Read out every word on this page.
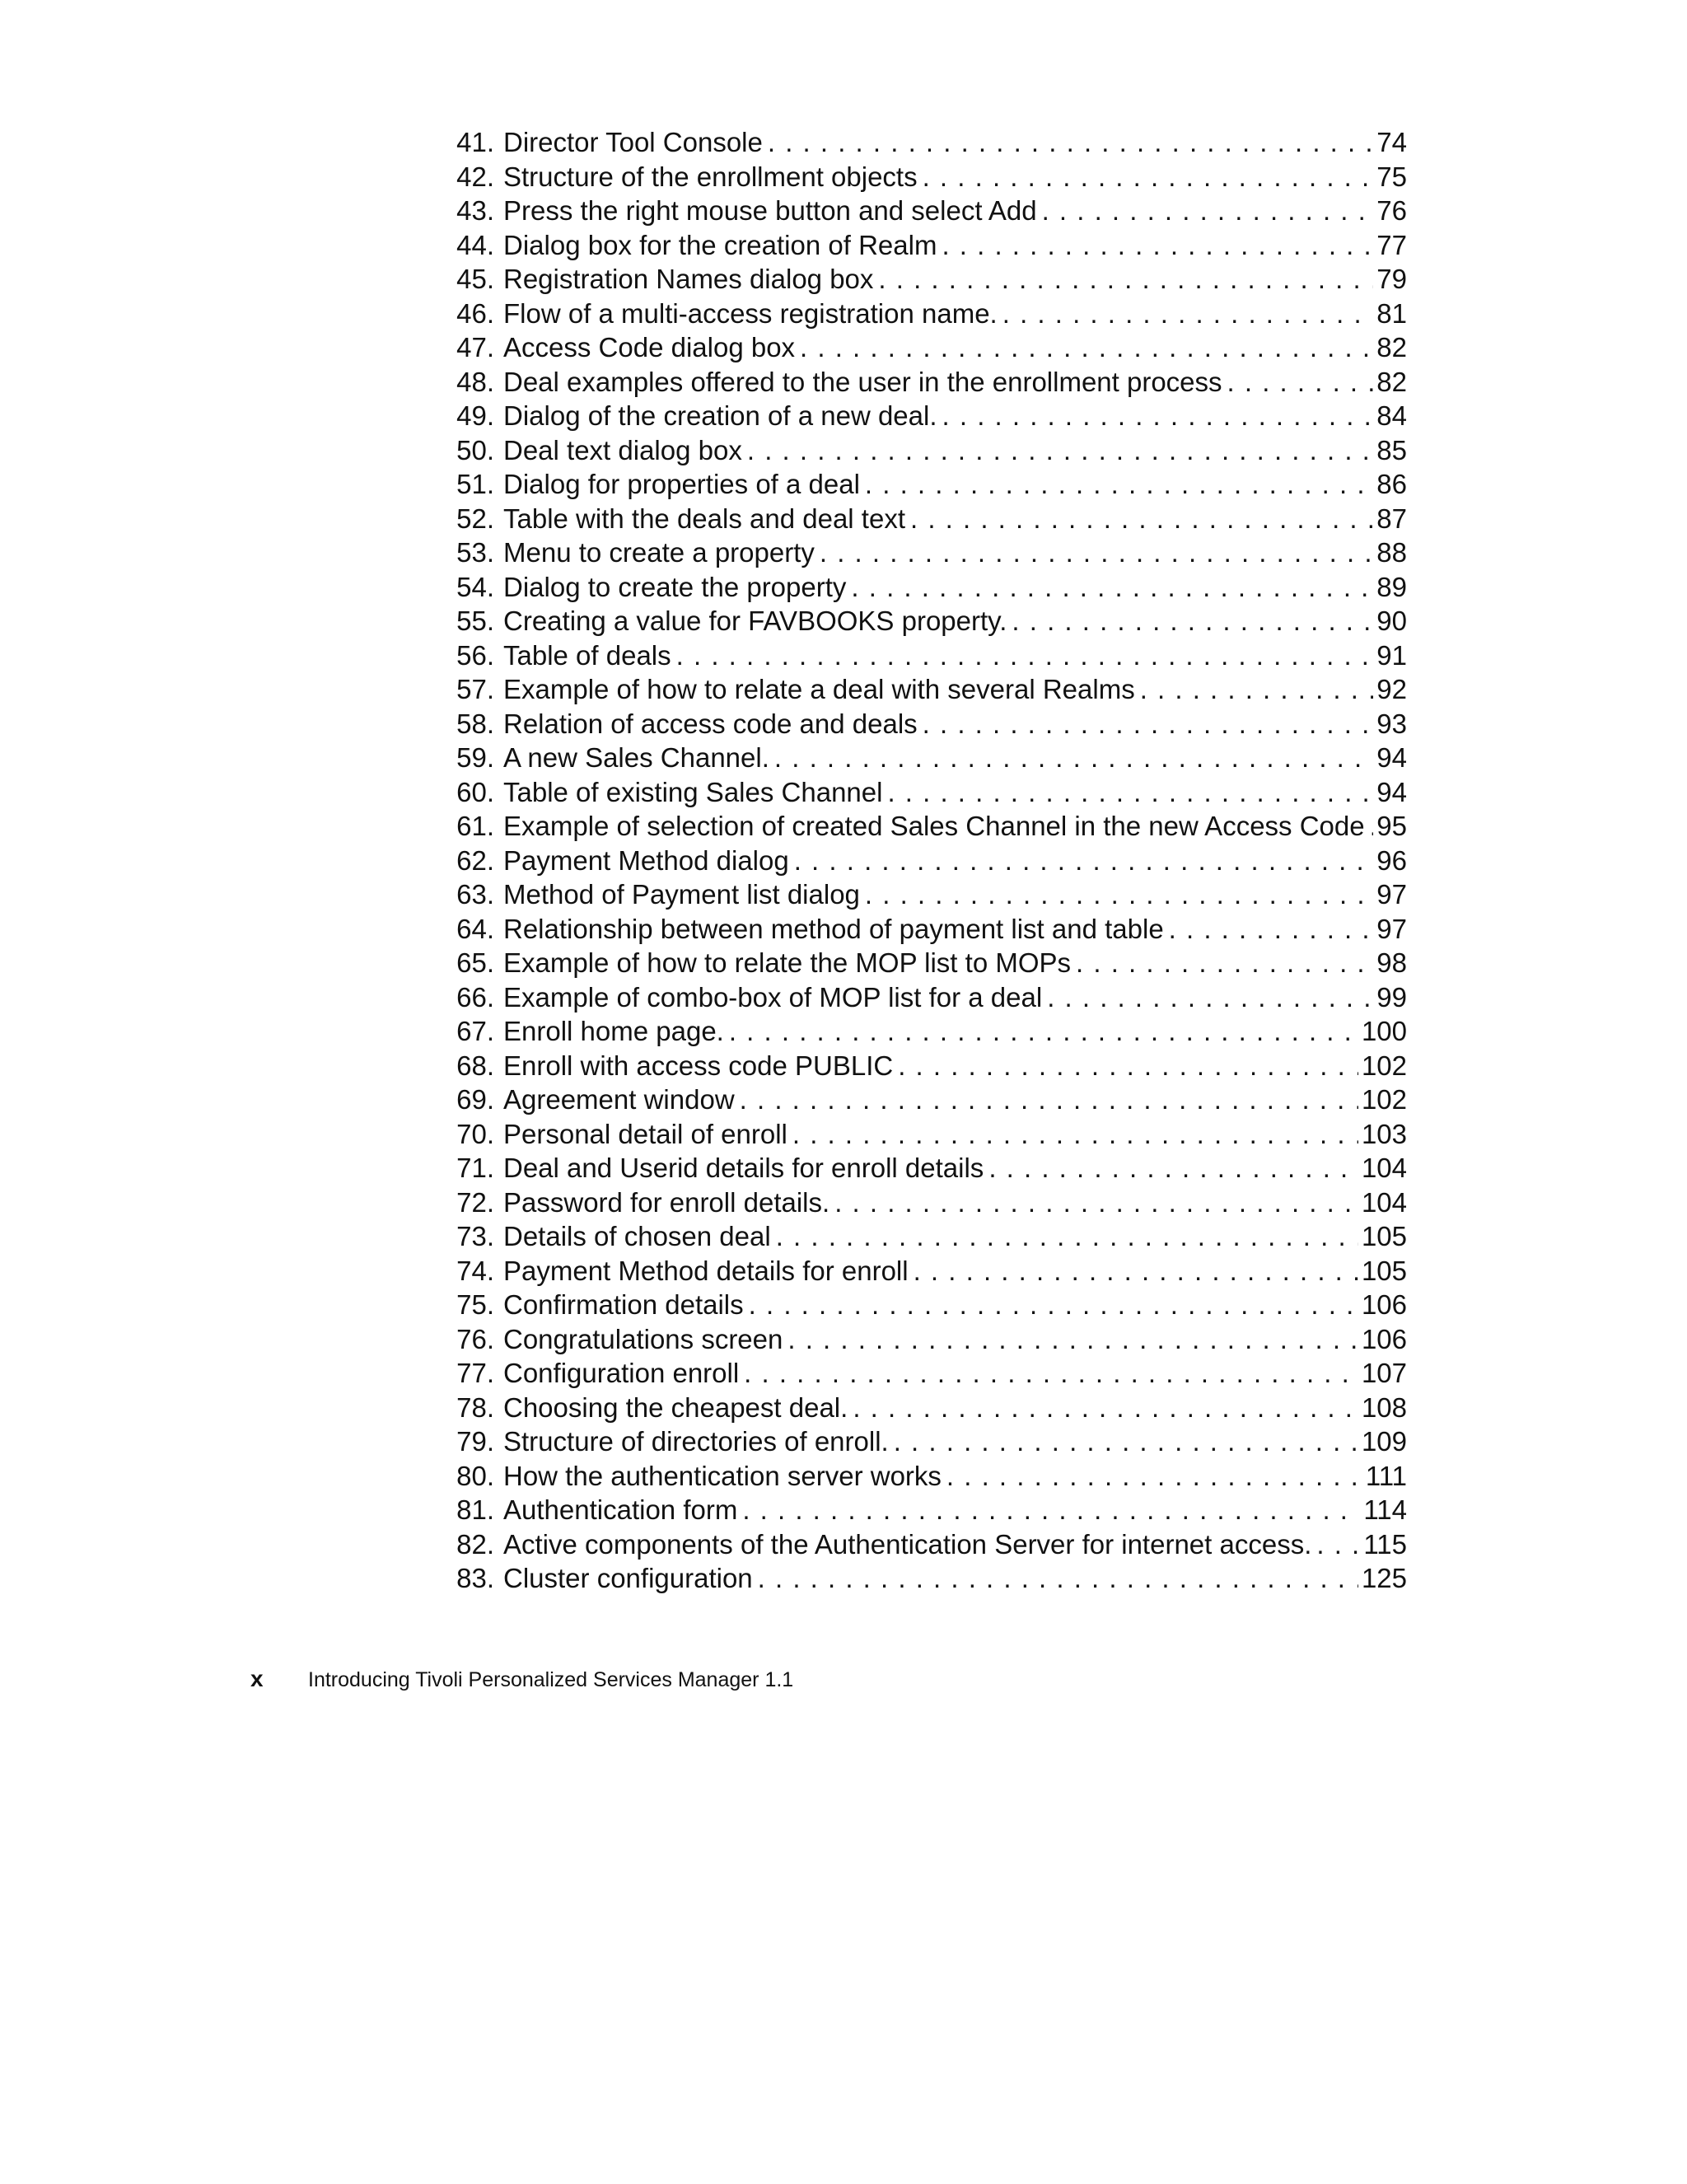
41. Director Tool Console . . .	74
42. Structure of the enrollment objects . . .	75
43. Press the right mouse button and select Add . . .	76
44. Dialog box for the creation of Realm . . .	77
45. Registration Names dialog box . . .	79
46. Flow of a multi-access registration name. . . .	81
47. Access Code dialog box . . .	82
48. Deal examples offered to the user in the enrollment process . . .	82
49. Dialog of the creation of a new deal. . . .	84
50. Deal text dialog box . . .	85
51. Dialog for properties of a deal . . .	86
52. Table with the deals and deal text . . .	87
53. Menu to create a property . . .	88
54. Dialog to create the property . . .	89
55. Creating a value for FAVBOOKS property. . . .	90
56. Table of deals . . .	91
57. Example of how to relate a deal with several Realms . . .	92
58. Relation of access code and deals . . .	93
59. A new Sales Channel. . . .	94
60. Table of existing Sales Channel . . .	94
61. Example of selection of created Sales Channel in the new Access Code . . . 95
62. Payment Method dialog . . .	96
63. Method of Payment list dialog . . .	97
64. Relationship between method of payment list and table . . .	97
65. Example of how to relate the MOP list to MOPs . . .	98
66. Example of combo-box of MOP list for a deal . . .	99
67. Enroll home page. . . .	100
68. Enroll with access code PUBLIC . . .	102
69. Agreement window . . .	102
70. Personal detail of enroll . . .	103
71. Deal and Userid details for enroll details . . .	104
72. Password for enroll details. . . .	104
73. Details of chosen deal . . .	105
74. Payment Method details for enroll . . .	105
75. Confirmation details . . .	106
76. Congratulations screen . . .	106
77. Configuration enroll . . .	107
78. Choosing the cheapest deal. . . .	108
79. Structure of directories of enroll. . . .	109
80. How the authentication server works . . .	111
81. Authentication form . . .	114
82. Active components of the Authentication Server for internet access. . . . 115
83. Cluster configuration . . .	125
x	Introducing Tivoli Personalized Services Manager 1.1
